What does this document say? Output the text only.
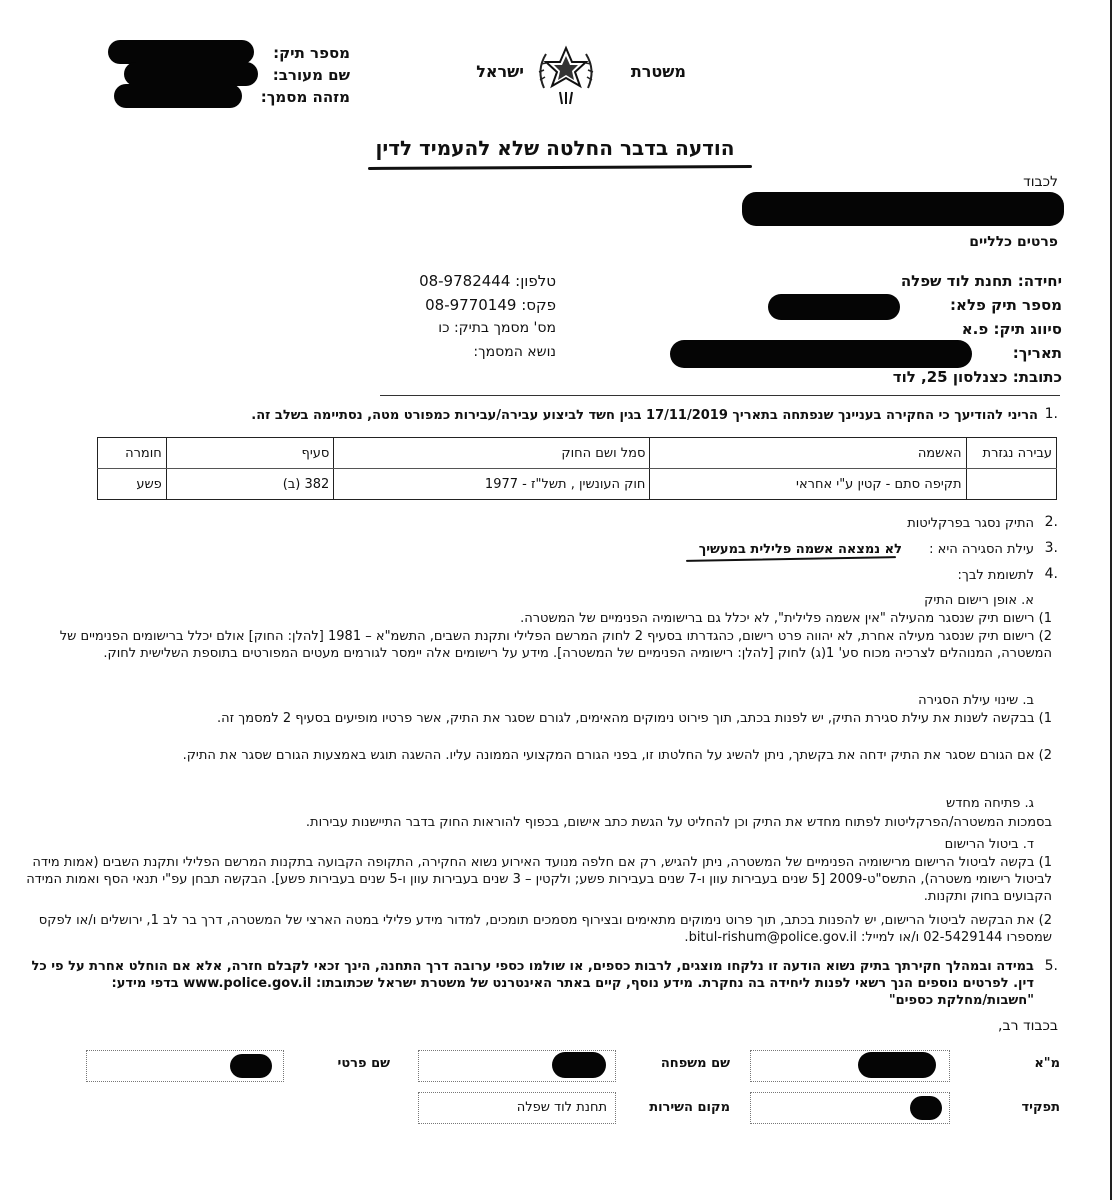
מספר תיק:
שם מעורב:
מזהה מסמך:
משטרת
ישראל
הודעה בדבר החלטה שלא להעמיד לדין
לכבוד
פרטים כלליים
יחידה: תחנת לוד שפלה
מספר תיק פלא:
סיווג תיק: פ.א
תאריך:
כתובת: כצנלסון 25, לוד
טלפון: 08-9782444
פקס: 08-9770149
מס' מסמך בתיק: כו
נושא המסמך:
1.
הריני להודיעך כי החקירה בעניינך שנפתחה בתאריך 17/11/2019 בגין חשד לביצוע עבירה/עבירות כמפורט מטה, נסתיימה בשלב זה.
עבירה נגזרת	האשמה	סמל ושם החוק	סעיף	חומרה
	תקיפה סתם - קטין ע"י אחראי	חוק העונשין , תשל"ז - 1977	382 (ב)	פשע
2.
התיק נסגר בפרקליטות
3.
עילת הסגירה היא :
לא נמצאה אשמה פלילית במעשיך
4.
לתשומת לבך:
א. אופן רישום התיק
1) רישום תיק שנסגר מהעילה "אין אשמה פלילית", לא יכלל גם ברישומיה הפנימיים של המשטרה.
2) רישום תיק שנסגר מעילה אחרת, לא יהווה פרט רישום, כהגדרתו בסעיף 2 לחוק המרשם הפלילי ותקנת השבים, התשמ"א – 1981 [להלן: החוק] אולם יכלל ברישומים הפנימיים של המשטרה, המנוהלים לצרכיה מכוח סע' 1(ג) לחוק [להלן: רישומיה הפנימיים של המשטרה]. מידע על רישומים אלה יימסר לגורמים מעטים המפורטים בתוספת השלישית לחוק.
ב. שינוי עילת הסגירה
1) בבקשה לשנות את עילת סגירת התיק, יש לפנות בכתב, תוך פירוט נימוקים מהאימים, לגורם שסגר את התיק, אשר פרטיו מופיעים בסעיף 2 למסמך זה.
2) אם הגורם שסגר את התיק ידחה את בקשתך, ניתן להשיג על החלטתו זו, בפני הגורם המקצועי הממונה עליו. ההשגה תוגש באמצעות הגורם שסגר את התיק.
ג. פתיחה מחדש
בסמכות המשטרה/הפרקליטות לפתוח מחדש את התיק וכן להחליט על הגשת כתב אישום, בכפוף להוראות החוק בדבר התיישנות עבירות.
ד. ביטול הרישום
1) בקשה לביטול הרישום מרישומיה הפנימיים של המשטרה, ניתן להגיש, רק אם חלפה מנועד האירוע נשוא החקירה, התקופה הקבועה בתקנות המרשם הפלילי ותקנת השבים (אמות מידה לביטול רישומי משטרה), התשס"ט-2009 [5 שנים בעבירות עוון ו-7 שנים בעבירות פשע; ולקטין – 3 שנים בעבירות עוון ו-5 שנים בעבירות פשע]. הבקשה תבחן עפ"י תנאי הסף ואמות המידה הקבועים בחוק ותקנות.
2) את הבקשה לביטול הרישום, יש להפנות בכתב, תוך פרוט נימוקים מתאימים ובצירוף מסמכים תומכים, למדור מידע פלילי במטה הארצי של המשטרה, דרך בר לב 1, ירושלים ו/או לפקס שמספרו 02-5429144 ו/או למייל: bitul-rishum@police.gov.il.
5.
במידה ובמהלך חקירתך בתיק נשוא הודעה זו נלקחו מוצגים, לרבות כספים, או שולמו כספי ערובה דרך התחנה, הינך זכאי לקבלם חזרה, אלא אם הוחלט אחרת על פי כל דין. לפרטים נוספים הנך רשאי לפנות ליחידה בה נחקרת. מידע נוסף, קיים באתר האינטרנט של משטרת ישראל שכתובתו: www.police.gov.il בדפי מידע: "חשבות/מחלקת כספים"
בכבוד רב,
מ"א
שם משפחה
שם פרטי
תפקיד
מקום השירות
תחנת לוד שפלה
